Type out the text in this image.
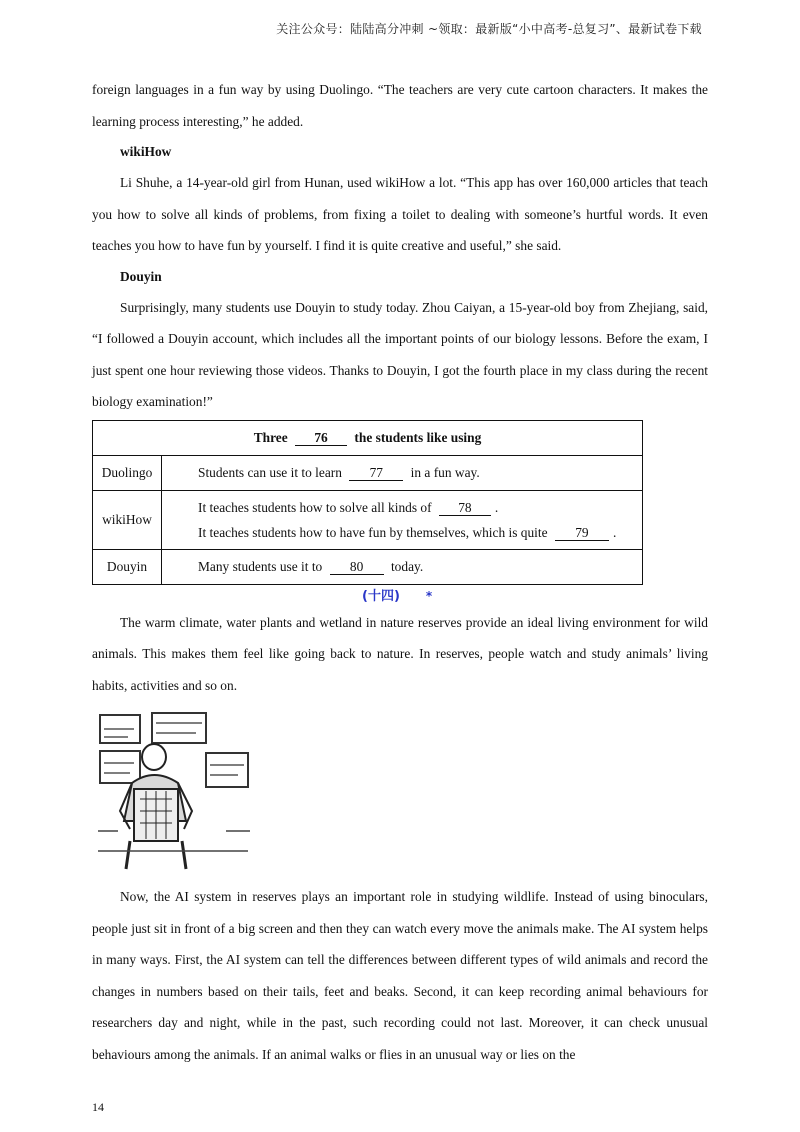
关注公众号：陆陆高分冲刺 ~领取：最新版“小中高考-总复习”、最新试卷下载

foreign languages in a fun way by using Duolingo. “The teachers are very cute cartoon characters. It makes the learning process interesting,” he added.

wikiHow

Li Shuhe, a 14-year-old girl from Hunan, used wikiHow a lot. “This app has over 160,000 articles that teach you how to solve all kinds of problems, from fixing a toilet to dealing with someone’s hurtful words. It even teaches you how to have fun by yourself. I find it is quite creative and useful,” she said.

Douyin

Surprisingly, many students use Douyin to study today. Zhou Caiyan, a 15-year-old boy from Zhejiang, said, “I followed a Douyin account, which includes all the important points of our biology lessons. Before the exam, I just spent one hour reviewing those videos. Thanks to Douyin, I got the fourth place in my class during the recent biology examination!”

Three 76 the students like using	
Duolingo	Students can use it to learn 77 in a fun way.
wikiHow	It teaches students how to solve all kinds of 78 .
It teaches students how to have fun by themselves, which is quite 79 .

Douyin	Many students use it to 80 today.
(十四) *

The warm climate, water plants and wetland in nature reserves provide an ideal living environment for wild animals. This makes them feel like going back to nature. In reserves, people watch and study animals’ living habits, activities and so on.

Now, the AI system in reserves plays an important role in studying wildlife. Instead of using binoculars, people just sit in front of a big screen and then they can watch every move the animals make. The AI system helps in many ways. First, the AI system can tell the differences between different types of wild animals and record the changes in numbers based on their tails, feet and beaks. Second, it can keep recording animal behaviours for researchers day and night, while in the past, such recording could not last. Moreover, it can check unusual behaviours among the animals. If an animal walks or flies in an unusual way or lies on the

14
